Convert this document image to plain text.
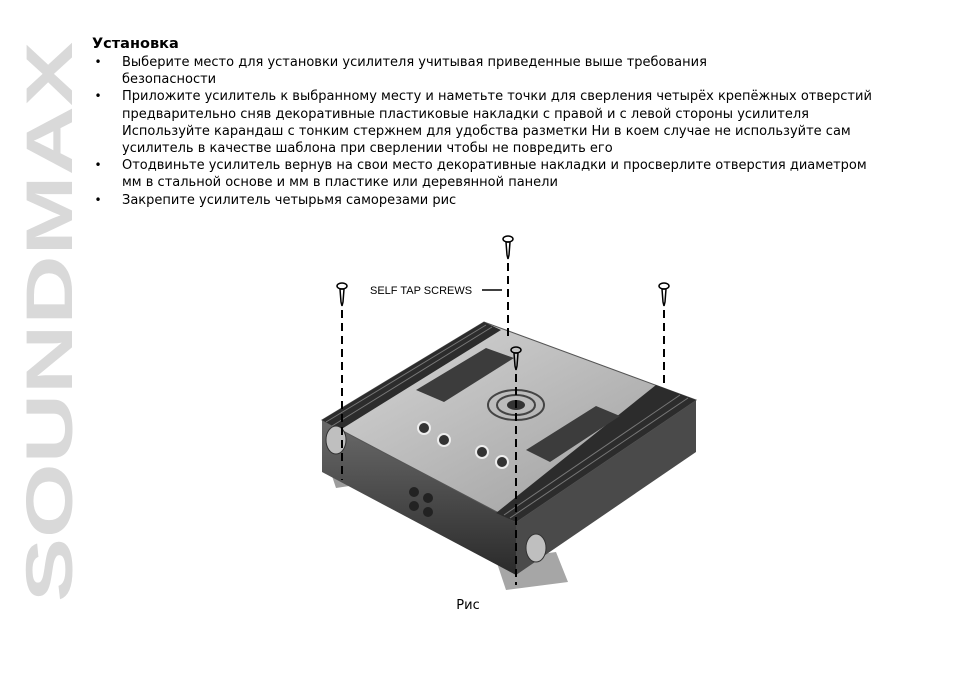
SOUNDMAX
Установка
• Выберите место для установки усилителя учитывая приведенные выше требования безопасности
• Приложите усилитель к выбранному месту и наметьте точки для сверления четырёх крепёжных отверстий предварительно сняв декоративные пластиковые накладки с правой и с левой стороны усилителя Используйте карандаш с тонким стержнем для удобства разметки Ни в коем случае не используйте сам усилитель в качестве шаблона при сверлении чтобы не повредить его
• Отодвиньте усилитель вернув на свои место декоративные накладки и просверлите отверстия диаметром мм в стальной основе и мм в пластике или деревянной панели
• Закрепите усилитель четырьмя саморезами рис
SELF TAP SCREWS
Рис
